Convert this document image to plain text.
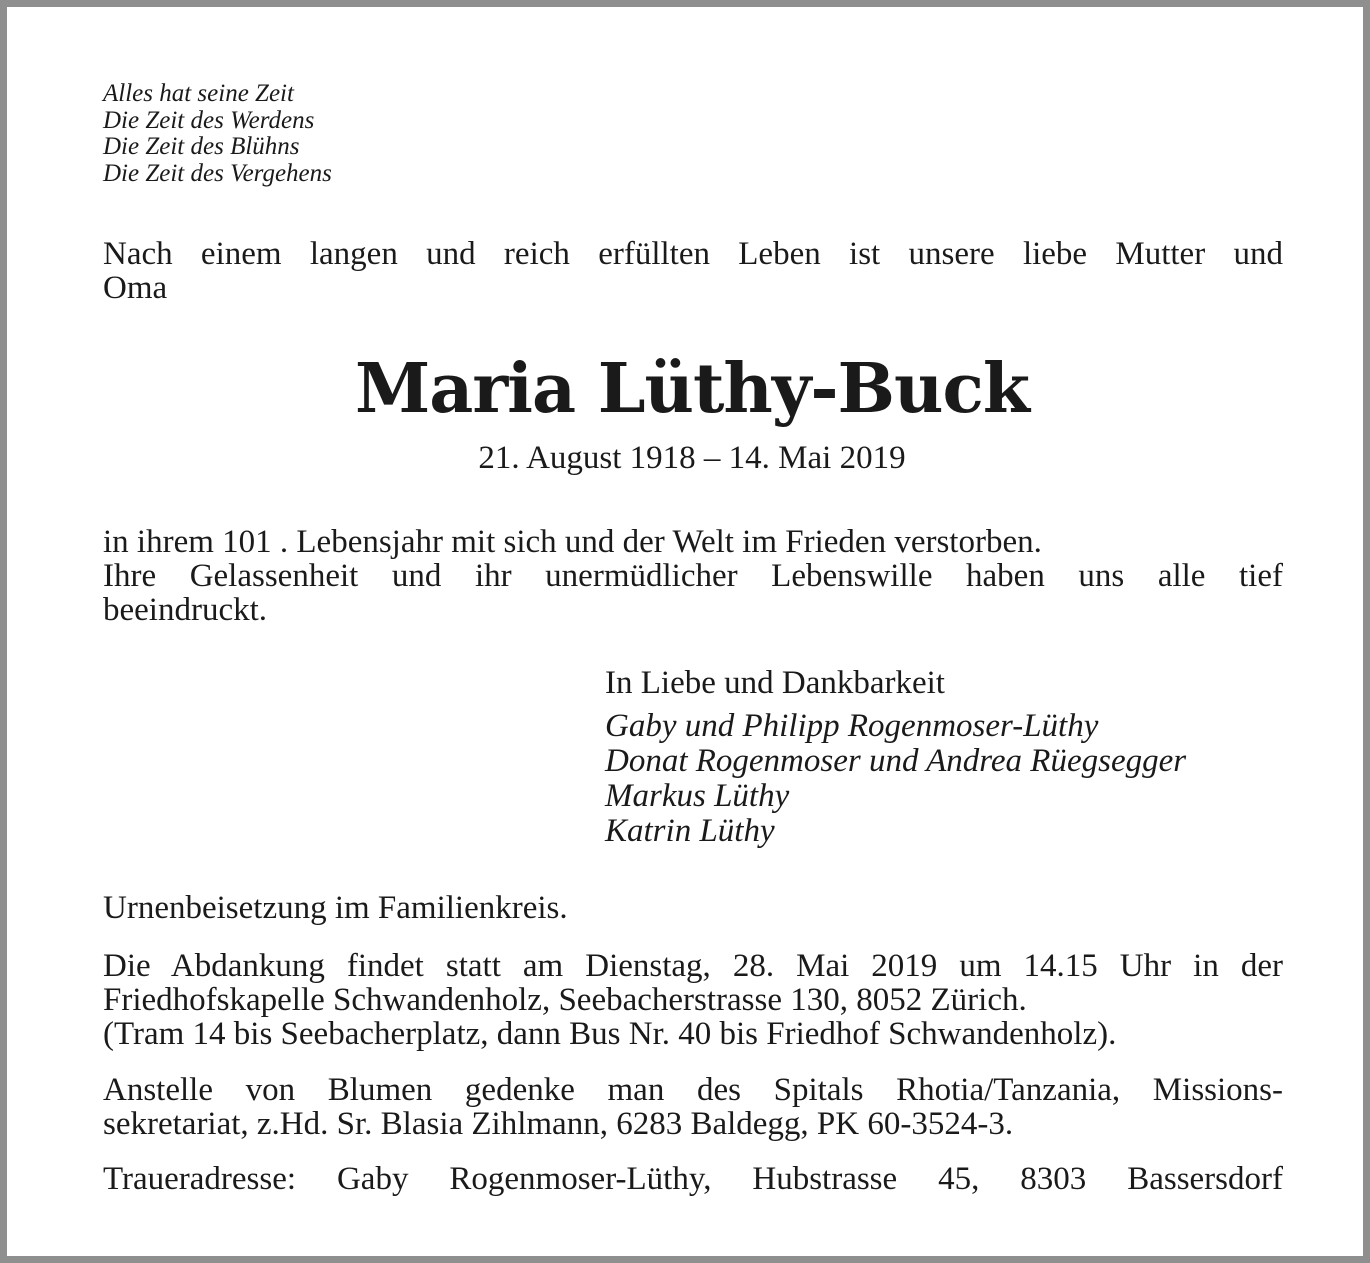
Alles hat seine Zeit
Die Zeit des Werdens
Die Zeit des Blühns
Die Zeit des Vergehens
Nach einem langen und reich erfüllten Leben ist unsere liebe Mutter und
Oma
Maria Lüthy-Buck
21. August 1918 – 14. Mai 2019
in ihrem 101 . Lebensjahr mit sich und der Welt im Frieden verstorben.
Ihre Gelassenheit und ihr unermüdlicher Lebenswille haben uns alle tief
beeindruckt.
In Liebe und Dankbarkeit
Gaby und Philipp Rogenmoser-Lüthy
Donat Rogenmoser und Andrea Rüegsegger
Markus Lüthy
Katrin Lüthy
Urnenbeisetzung im Familienkreis.
Die Abdankung findet statt am Dienstag, 28. Mai 2019 um 14.15 Uhr in der
Friedhofskapelle Schwandenholz, Seebacherstrasse 130, 8052 Zürich.
(Tram 14 bis Seebacherplatz, dann Bus Nr. 40 bis Friedhof Schwandenholz).
Anstelle von Blumen gedenke man des Spitals Rhotia/Tanzania, Missions-
sekretariat, z.Hd. Sr. Blasia Zihlmann, 6283 Baldegg, PK 60-3524-3.
Traueradresse: Gaby Rogenmoser-Lüthy, Hubstrasse 45, 8303 Bassersdorf
